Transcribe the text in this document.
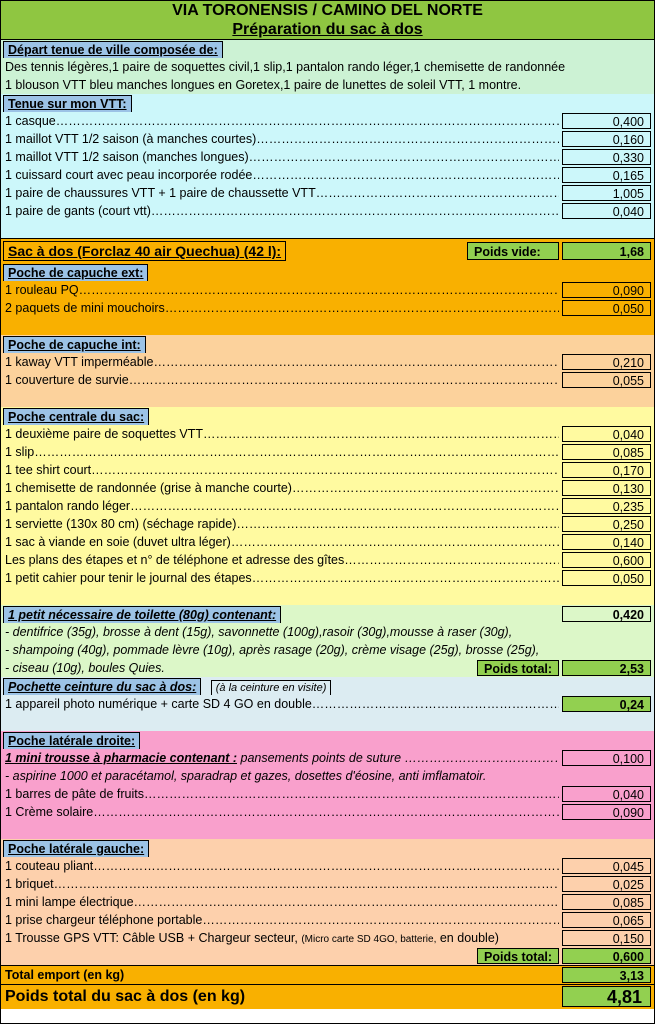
VIA TORONENSIS / CAMINO DEL NORTE
Préparation du sac à dos
Départ tenue de ville composée de:
Des tennis légères,1 paire de soquettes civil,1 slip,1 pantalon rando léger,1 chemisette de randonnée
1 blouson VTT bleu manches longues en Goretex,1 paire de lunettes de soleil VTT, 1 montre.
Tenue sur mon VTT:
1 casque ………………………………………………………………………………………………………………………………………………………	0,400
1 maillot VTT 1/2 saison (à manches courtes) ………………………………………………………………………………………………………………………………………………………	0,160
1 maillot VTT 1/2 saison (manches longues) ………………………………………………………………………………………………………………………………………………………	0,330
1 cuissard court avec peau incorporée rodée ………………………………………………………………………………………………………………………………………………………	0,165
1 paire de chaussures VTT + 1 paire de chaussette VTT ………………………………………………………………………………………………………………………………………………………	1,005
1 paire de gants (court vtt) ………………………………………………………………………………………………………………………………………………………	0,040
Sac à dos (Forclaz 40 air Quechua) (42 l):	Poids vide:	1,68
Poche de capuche ext:
1 rouleau PQ ………………………………………………………………………………………………………………………………………………………	0,090
2 paquets de mini mouchoirs ………………………………………………………………………………………………………………………………………………………	0,050
Poche de capuche int:
1 kaway VTT imperméable ………………………………………………………………………………………………………………………………………………………	0,210
1 couverture de survie ………………………………………………………………………………………………………………………………………………………	0,055
Poche centrale du sac:
1 deuxième paire de soquettes VTT ………………………………………………………………………………………………………………………………………………………	0,040
1 slip ………………………………………………………………………………………………………………………………………………………	0,085
1 tee shirt court ………………………………………………………………………………………………………………………………………………………	0,170
1 chemisette de randonnée (grise à manche courte) ………………………………………………………………………………………………………………………………………………………	0,130
1 pantalon rando léger ………………………………………………………………………………………………………………………………………………………	0,235
1 serviette (130x 80 cm) (séchage rapide) ………………………………………………………………………………………………………………………………………………………	0,250
1 sac à viande en soie (duvet ultra léger) ………………………………………………………………………………………………………………………………………………………	0,140
Les plans des étapes et n° de téléphone et adresse des gîtes ………………………………………………………………………………………………………………………………………………………	0,600
1 petit cahier pour tenir le journal des étapes ………………………………………………………………………………………………………………………………………………………	0,050
1 petit nécessaire de toilette (80g) contenant:	0,420
- dentifrice (35g), brosse à dent (15g), savonnette (100g),rasoir (30g),mousse à raser (30g),
- shampoing (40g), pommade lèvre (10g), après rasage (20g), crème visage (25g), brosse (25g),
- ciseau (10g), boules Quies.	Poids total:	2,53
Pochette ceinture du sac à dos: (à la ceinture en visite)
1 appareil photo numérique + carte SD 4 GO en double ………………………………………………………………………………………………………………………………………………………	0,24
Poche latérale droite:
1 mini trousse à pharmacie contenant : pansements points de suture ………………………………………………………………………………………………………………………………………………………	0,100
- aspirine 1000 et paracétamol, sparadrap et gazes, dosettes d'éosine, anti imflamatoir.
1 barres de pâte de fruits ………………………………………………………………………………………………………………………………………………………	0,040
1 Crème solaire ………………………………………………………………………………………………………………………………………………………	0,090
Poche latérale gauche:
1 couteau pliant ………………………………………………………………………………………………………………………………………………………	0,045
1 briquet ………………………………………………………………………………………………………………………………………………………	0,025
1 mini lampe électrique ………………………………………………………………………………………………………………………………………………………	0,085
1 prise chargeur téléphone portable ………………………………………………………………………………………………………………………………………………………	0,065
1 Trousse GPS VTT: Câble USB + Chargeur secteur, (Micro carte SD 4GO, batterie, en double)	0,150
Poids total:	0,600
Total emport (en kg)	3,13
Poids total du sac à dos (en kg)	4,81
